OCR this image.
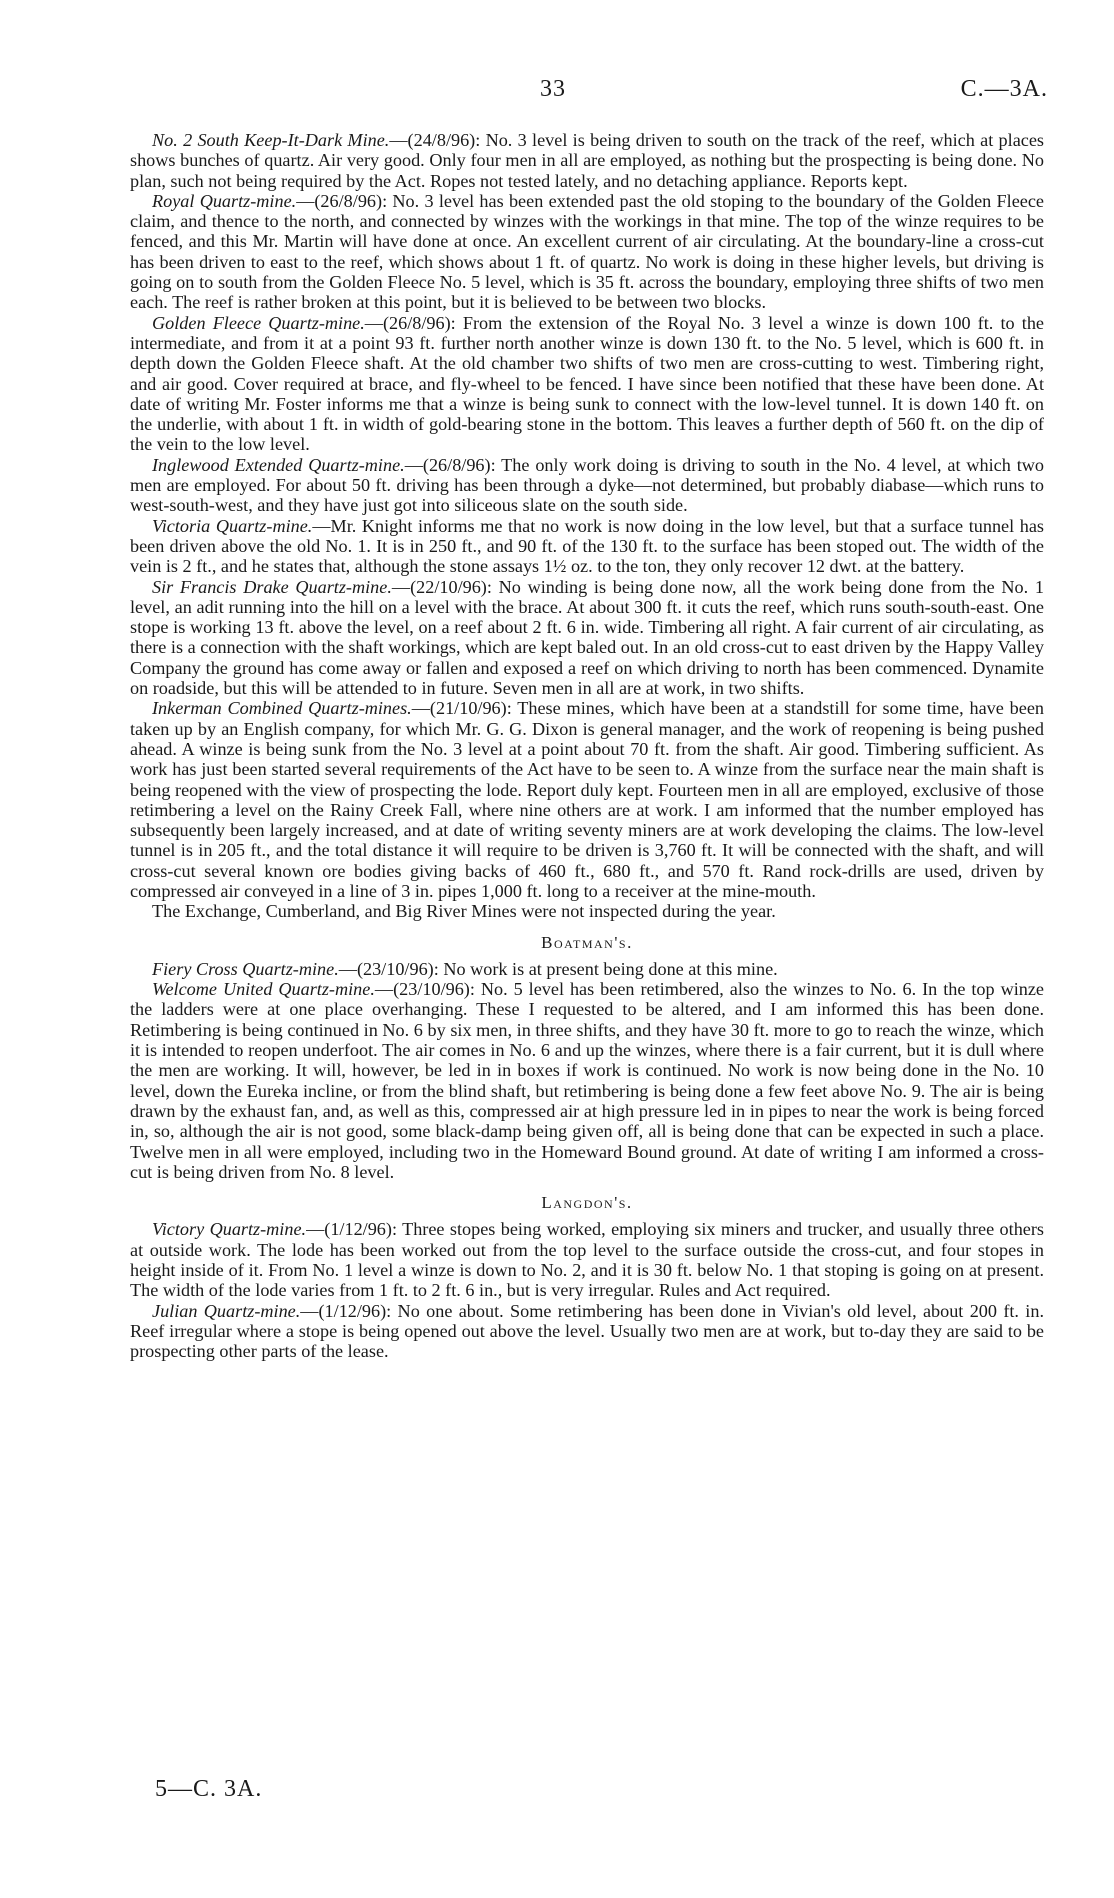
33	C.—3A.

No. 2 South Keep-It-Dark Mine.—(24/8/96): No. 3 level is being driven to south on the track of the reef, which at places shows bunches of quartz. Air very good. Only four men in all are employed, as nothing but the prospecting is being done. No plan, such not being required by the Act. Ropes not tested lately, and no detaching appliance. Reports kept.

Royal Quartz-mine.—(26/8/96): No. 3 level has been extended past the old stoping to the boundary of the Golden Fleece claim, and thence to the north, and connected by winzes with the workings in that mine. The top of the winze requires to be fenced, and this Mr. Martin will have done at once. An excellent current of air circulating. At the boundary-line a cross-cut has been driven to east to the reef, which shows about 1 ft. of quartz. No work is doing in these higher levels, but driving is going on to south from the Golden Fleece No. 5 level, which is 35 ft. across the boundary, employing three shifts of two men each. The reef is rather broken at this point, but it is believed to be between two blocks.

Golden Fleece Quartz-mine.—(26/8/96): From the extension of the Royal No. 3 level a winze is down 100 ft. to the intermediate, and from it at a point 93 ft. further north another winze is down 130 ft. to the No. 5 level, which is 600 ft. in depth down the Golden Fleece shaft. At the old chamber two shifts of two men are cross-cutting to west. Timbering right, and air good. Cover required at brace, and fly-wheel to be fenced. I have since been notified that these have been done. At date of writing Mr. Foster informs me that a winze is being sunk to connect with the low-level tunnel. It is down 140 ft. on the underlie, with about 1 ft. in width of gold-bearing stone in the bottom. This leaves a further depth of 560 ft. on the dip of the vein to the low level.

Inglewood Extended Quartz-mine.—(26/8/96): The only work doing is driving to south in the No. 4 level, at which two men are employed. For about 50 ft. driving has been through a dyke—not determined, but probably diabase—which runs to west-south-west, and they have just got into siliceous slate on the south side.

Victoria Quartz-mine.—Mr. Knight informs me that no work is now doing in the low level, but that a surface tunnel has been driven above the old No. 1. It is in 250 ft., and 90 ft. of the 130 ft. to the surface has been stoped out. The width of the vein is 2 ft., and he states that, although the stone assays 1½ oz. to the ton, they only recover 12 dwt. at the battery.

Sir Francis Drake Quartz-mine.—(22/10/96): No winding is being done now, all the work being done from the No. 1 level, an adit running into the hill on a level with the brace. At about 300 ft. it cuts the reef, which runs south-south-east. One stope is working 13 ft. above the level, on a reef about 2 ft. 6 in. wide. Timbering all right. A fair current of air circulating, as there is a connection with the shaft workings, which are kept baled out. In an old cross-cut to east driven by the Happy Valley Company the ground has come away or fallen and exposed a reef on which driving to north has been commenced. Dynamite on roadside, but this will be attended to in future. Seven men in all are at work, in two shifts.

Inkerman Combined Quartz-mines.—(21/10/96): These mines, which have been at a standstill for some time, have been taken up by an English company, for which Mr. G. G. Dixon is general manager, and the work of reopening is being pushed ahead. A winze is being sunk from the No. 3 level at a point about 70 ft. from the shaft. Air good. Timbering sufficient. As work has just been started several requirements of the Act have to be seen to. A winze from the surface near the main shaft is being reopened with the view of prospecting the lode. Report duly kept. Fourteen men in all are employed, exclusive of those retimbering a level on the Rainy Creek Fall, where nine others are at work. I am informed that the number employed has subsequently been largely increased, and at date of writing seventy miners are at work developing the claims. The low-level tunnel is in 205 ft., and the total distance it will require to be driven is 3,760 ft. It will be connected with the shaft, and will cross-cut several known ore bodies giving backs of 460 ft., 680 ft., and 570 ft. Rand rock-drills are used, driven by compressed air conveyed in a line of 3 in. pipes 1,000 ft. long to a receiver at the mine-mouth.

The Exchange, Cumberland, and Big River Mines were not inspected during the year.

Boatman's.

Fiery Cross Quartz-mine.—(23/10/96): No work is at present being done at this mine.

Welcome United Quartz-mine.—(23/10/96): No. 5 level has been retimbered, also the winzes to No. 6. In the top winze the ladders were at one place overhanging. These I requested to be altered, and I am informed this has been done. Retimbering is being continued in No. 6 by six men, in three shifts, and they have 30 ft. more to go to reach the winze, which it is intended to reopen underfoot. The air comes in No. 6 and up the winzes, where there is a fair current, but it is dull where the men are working. It will, however, be led in in boxes if work is continued. No work is now being done in the No. 10 level, down the Eureka incline, or from the blind shaft, but retimbering is being done a few feet above No. 9. The air is being drawn by the exhaust fan, and, as well as this, compressed air at high pressure led in in pipes to near the work is being forced in, so, although the air is not good, some black-damp being given off, all is being done that can be expected in such a place. Twelve men in all were employed, including two in the Homeward Bound ground. At date of writing I am informed a cross-cut is being driven from No. 8 level.

Langdon's.

Victory Quartz-mine.—(1/12/96): Three stopes being worked, employing six miners and trucker, and usually three others at outside work. The lode has been worked out from the top level to the surface outside the cross-cut, and four stopes in height inside of it. From No. 1 level a winze is down to No. 2, and it is 30 ft. below No. 1 that stoping is going on at present. The width of the lode varies from 1 ft. to 2 ft. 6 in., but is very irregular. Rules and Act required.

Julian Quartz-mine.—(1/12/96): No one about. Some retimbering has been done in Vivian's old level, about 200 ft. in. Reef irregular where a stope is being opened out above the level. Usually two men are at work, but to-day they are said to be prospecting other parts of the lease.

5—C. 3A.
